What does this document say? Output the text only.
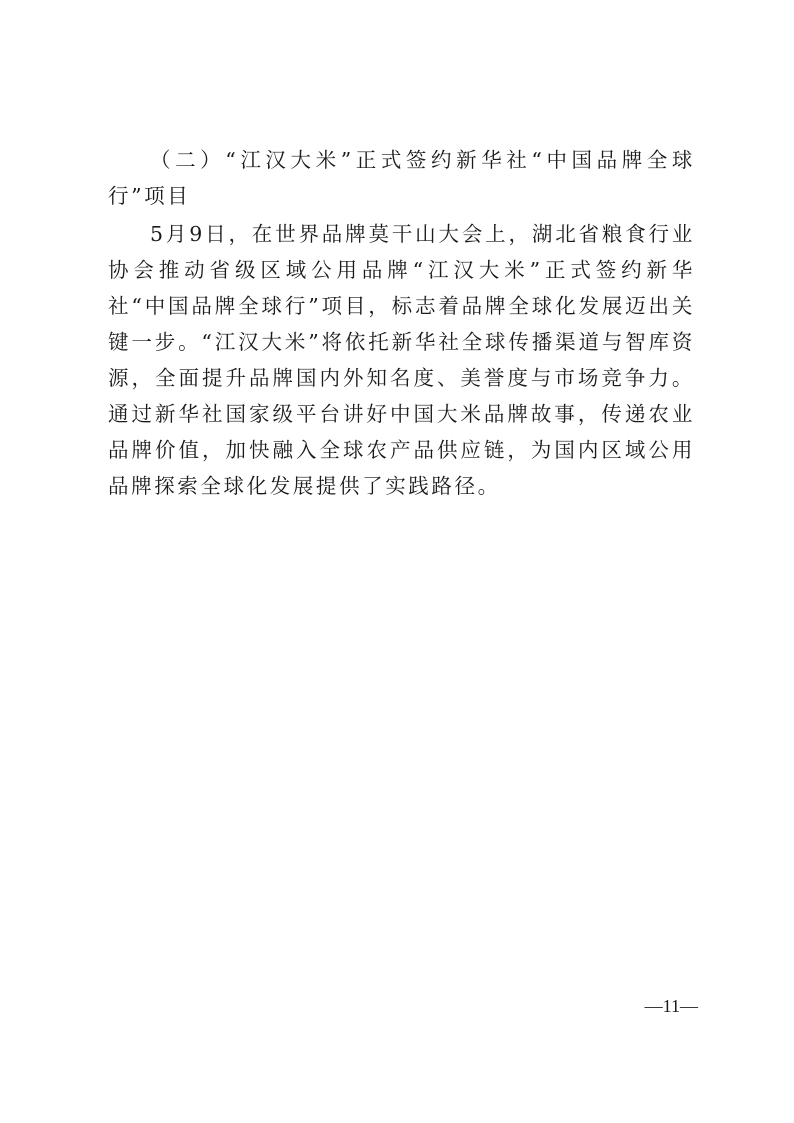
（二）“江汉大米”正式签约新华社“中国品牌全球行”项目

5月9日，在世界品牌莫干山大会上，湖北省粮食行业协会推动省级区域公用品牌“江汉大米”正式签约新华社“中国品牌全球行”项目，标志着品牌全球化发展迈出关键一步。“江汉大米”将依托新华社全球传播渠道与智库资源，全面提升品牌国内外知名度、美誉度与市场竞争力。通过新华社国家级平台讲好中国大米品牌故事，传递农业品牌价值，加快融入全球农产品供应链，为国内区域公用品牌探索全球化发展提供了实践路径。

—11—
